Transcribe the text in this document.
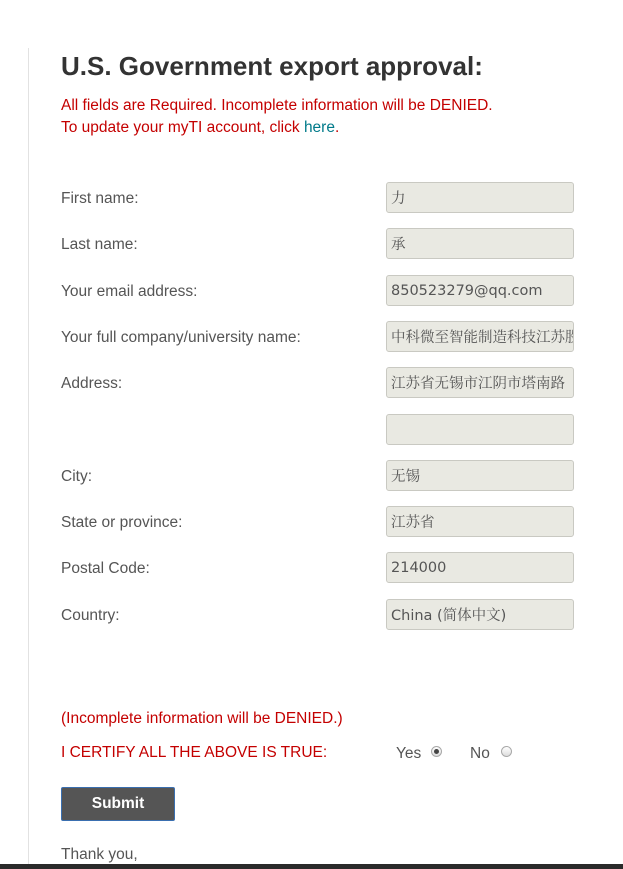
U.S. Government export approval:
All fields are Required. Incomplete information will be DENIED.
To update your myTI account, click here.
First name:
力
Last name:
承
Your email address:
850523279@qq.com
Your full company/university name:
中科微至智能制造科技江苏股份有限公司
Address:
江苏省无锡市江阴市塔南路
City:
无锡
State or province:
江苏省
Postal Code:
214000
Country:
China (简体中文)
(Incomplete information will be DENIED.)
I CERTIFY ALL THE ABOVE IS TRUE:	Yes	No
Submit
Thank you,
